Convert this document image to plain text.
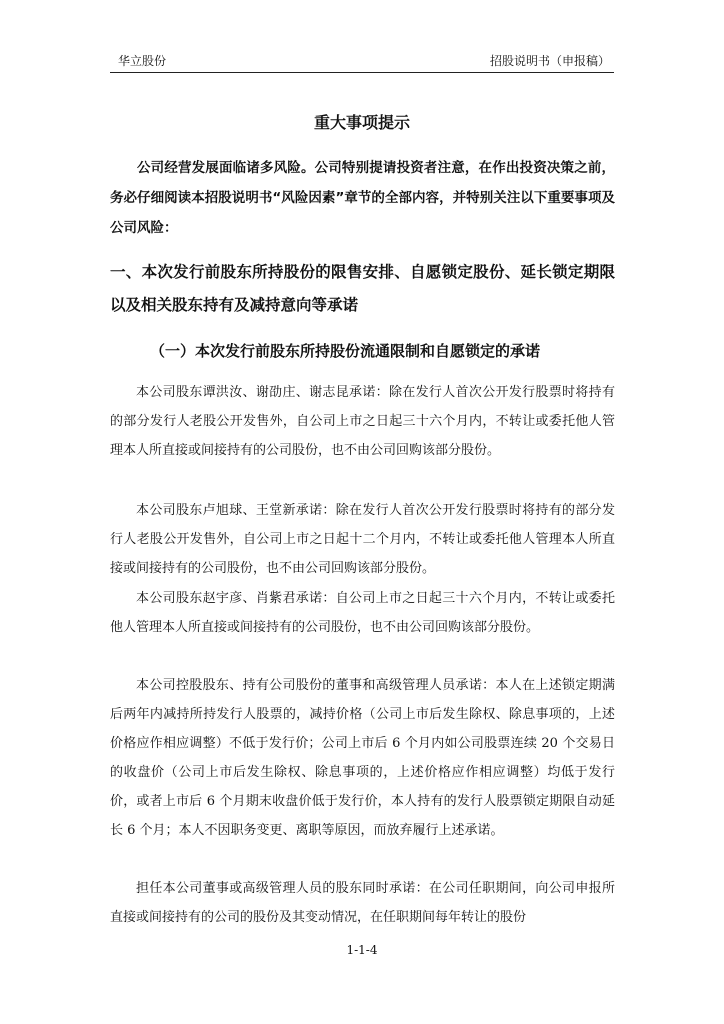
华立股份	招股说明书（申报稿）
重大事项提示
公司经营发展面临诸多风险。公司特别提请投资者注意，在作出投资决策之前，务必仔细阅读本招股说明书“风险因素”章节的全部内容，并特别关注以下重要事项及公司风险：
一、本次发行前股东所持股份的限售安排、自愿锁定股份、延长锁定期限以及相关股东持有及减持意向等承诺
（一）本次发行前股东所持股份流通限制和自愿锁定的承诺
本公司股东谭洪汝、谢劭庄、谢志昆承诺：除在发行人首次公开发行股票时将持有的部分发行人老股公开发售外，自公司上市之日起三十六个月内，不转让或委托他人管理本人所直接或间接持有的公司股份，也不由公司回购该部分股份。
本公司股东卢旭球、王堂新承诺：除在发行人首次公开发行股票时将持有的部分发行人老股公开发售外，自公司上市之日起十二个月内，不转让或委托他人管理本人所直接或间接持有的公司股份，也不由公司回购该部分股份。
本公司股东赵宇彦、肖紫君承诺：自公司上市之日起三十六个月内，不转让或委托他人管理本人所直接或间接持有的公司股份，也不由公司回购该部分股份。
本公司控股股东、持有公司股份的董事和高级管理人员承诺：本人在上述锁定期满后两年内减持所持发行人股票的，减持价格（公司上市后发生除权、除息事项的，上述价格应作相应调整）不低于发行价；公司上市后 6 个月内如公司股票连续 20 个交易日的收盘价（公司上市后发生除权、除息事项的，上述价格应作相应调整）均低于发行价，或者上市后 6 个月期末收盘价低于发行价，本人持有的发行人股票锁定期限自动延长 6 个月；本人不因职务变更、离职等原因，而放弃履行上述承诺。
担任本公司董事或高级管理人员的股东同时承诺：在公司任职期间，向公司申报所直接或间接持有的公司的股份及其变动情况，在任职期间每年转让的股份
1-1-4
